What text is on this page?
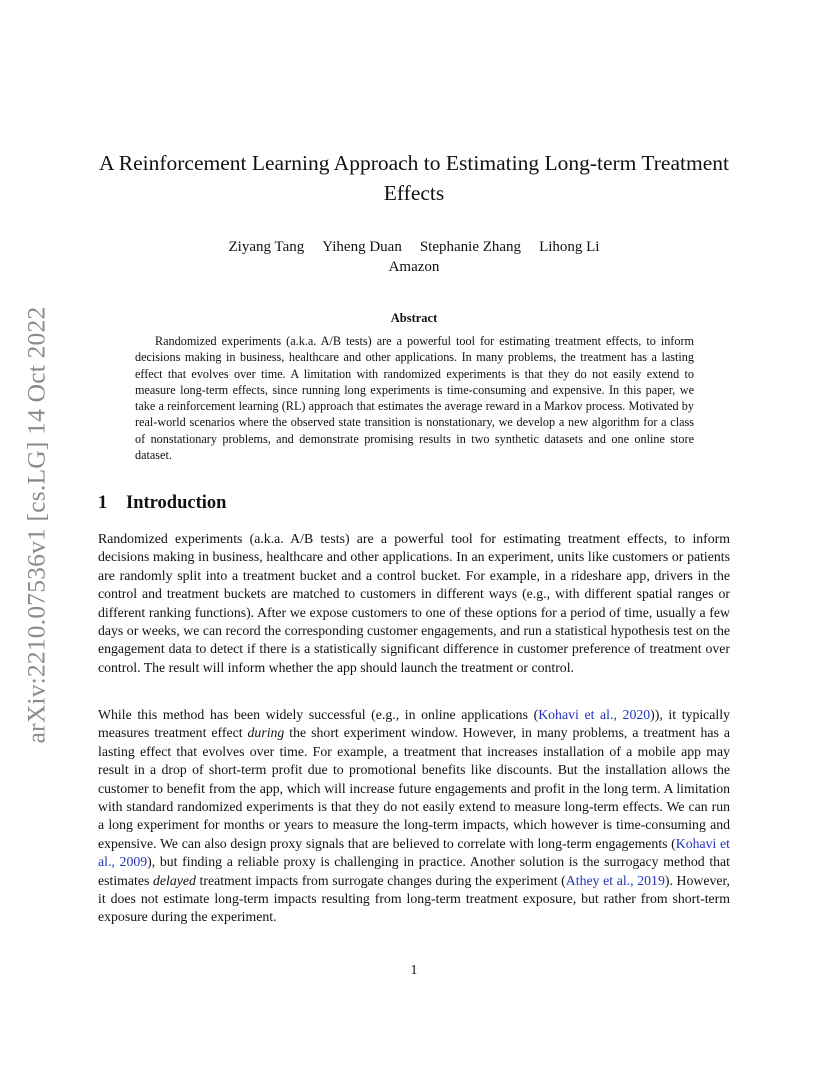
arXiv:2210.07536v1 [cs.LG] 14 Oct 2022
A Reinforcement Learning Approach to Estimating Long-term Treatment Effects
Ziyang Tang Yiheng Duan Stephanie Zhang Lihong Li
Amazon
Abstract

Randomized experiments (a.k.a. A/B tests) are a powerful tool for estimating treatment effects, to inform decisions making in business, healthcare and other applications. In many problems, the treatment has a lasting effect that evolves over time. A limitation with randomized experiments is that they do not easily extend to measure long-term effects, since running long experiments is time-consuming and expensive. In this paper, we take a reinforcement learning (RL) approach that estimates the average reward in a Markov process. Motivated by real-world scenarios where the observed state transition is nonstationary, we develop a new algorithm for a class of nonstationary problems, and demonstrate promising results in two synthetic datasets and one online store dataset.

1 Introduction

Randomized experiments (a.k.a. A/B tests) are a powerful tool for estimating treatment effects, to inform decisions making in business, healthcare and other applications. In an experiment, units like customers or patients are randomly split into a treatment bucket and a control bucket. For example, in a rideshare app, drivers in the control and treatment buckets are matched to customers in different ways (e.g., with different spatial ranges or different ranking functions). After we expose customers to one of these options for a period of time, usually a few days or weeks, we can record the corresponding customer engagements, and run a statistical hypothesis test on the engagement data to detect if there is a statistically significant difference in customer preference of treatment over control. The result will inform whether the app should launch the treatment or control.

While this method has been widely successful (e.g., in online applications (Kohavi et al., 2020)), it typically measures treatment effect during the short experiment window. However, in many problems, a treatment has a lasting effect that evolves over time. For example, a treatment that increases installation of a mobile app may result in a drop of short-term profit due to promotional benefits like discounts. But the installation allows the customer to benefit from the app, which will increase future engagements and profit in the long term. A limitation with standard randomized experiments is that they do not easily extend to measure long-term effects. We can run a long experiment for months or years to measure the long-term impacts, which however is time-consuming and expensive. We can also design proxy signals that are believed to correlate with long-term engagements (Kohavi et al., 2009), but finding a reliable proxy is challenging in practice. Another solution is the surrogacy method that estimates delayed treatment impacts from surrogate changes during the experiment (Athey et al., 2019). However, it does not estimate long-term impacts resulting from long-term treatment exposure, but rather from short-term exposure during the experiment.

1
